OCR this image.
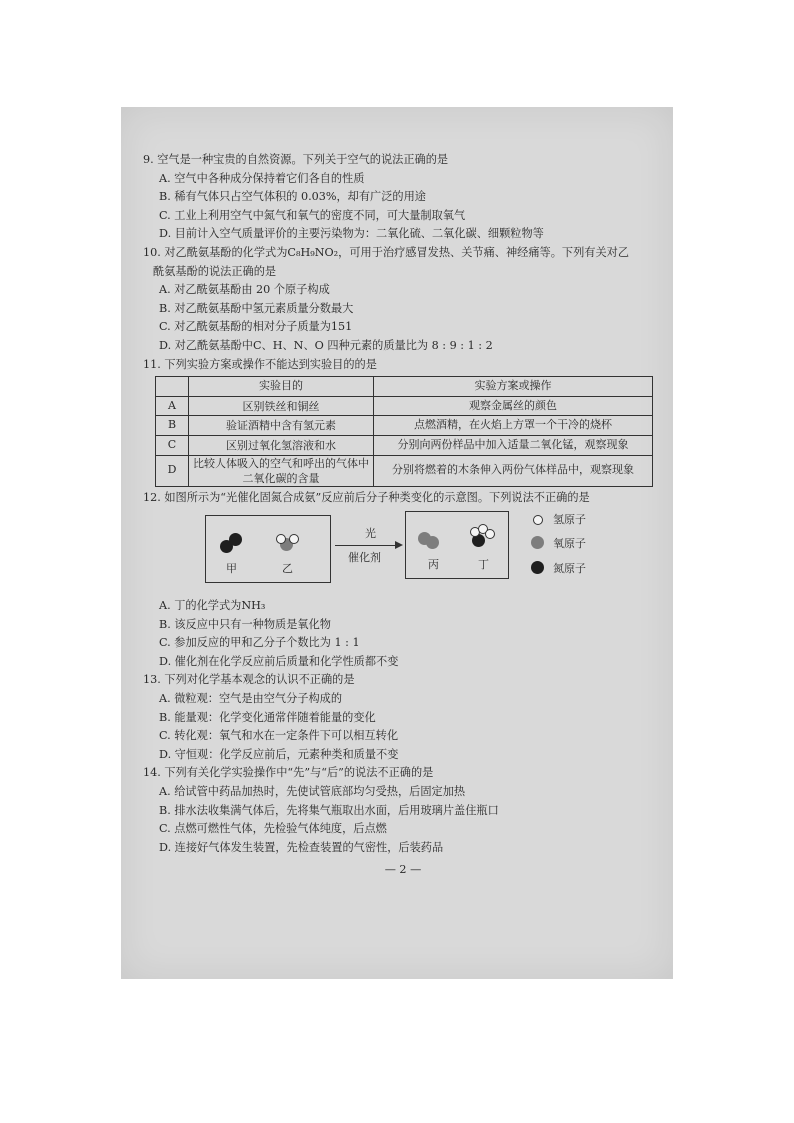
9. 空气是一种宝贵的自然资源。下列关于空气的说法正确的是

A. 空气中各种成分保持着它们各自的性质

B. 稀有气体只占空气体积的 0.03%，却有广泛的用途

C. 工业上利用空气中氮气和氧气的密度不同，可大量制取氧气

D. 目前计入空气质量评价的主要污染物为：二氧化硫、二氧化碳、细颗粒物等

10. 对乙酰氨基酚的化学式为C₈H₉NO₂，可用于治疗感冒发热、关节痛、神经痛等。下列有关对乙

酰氨基酚的说法正确的是

A. 对乙酰氨基酚由 20 个原子构成

B. 对乙酰氨基酚中氢元素质量分数最大

C. 对乙酰氨基酚的相对分子质量为151

D. 对乙酰氨基酚中C、H、N、O 四种元素的质量比为 8 : 9 : 1 : 2

11. 下列实验方案或操作不能达到实验目的的是

	实验目的	实验方案或操作
A	区别铁丝和铜丝	观察金属丝的颜色
B	验证酒精中含有氢元素	点燃酒精，在火焰上方罩一个干冷的烧杯
C	区别过氧化氢溶液和水	分别向两份样品中加入适量二氧化锰，观察现象
D	比较人体吸入的空气和呼出的气体中二氧化碳的含量	分别将燃着的木条伸入两份气体样品中，观察现象

12. 如图所示为“光催化固氮合成氨”反应前后分子种类变化的示意图。下列说法不正确的是

甲	乙
光
催化剂
丙	丁
氢原子
氧原子
氮原子

A. 丁的化学式为NH₃

B. 该反应中只有一种物质是氧化物

C. 参加反应的甲和乙分子个数比为 1 : 1

D. 催化剂在化学反应前后质量和化学性质都不变

13. 下列对化学基本观念的认识不正确的是

A. 微粒观：空气是由空气分子构成的

B. 能量观：化学变化通常伴随着能量的变化

C. 转化观：氧气和水在一定条件下可以相互转化

D. 守恒观：化学反应前后，元素种类和质量不变

14. 下列有关化学实验操作中“先”与“后”的说法不正确的是

A. 给试管中药品加热时，先使试管底部均匀受热，后固定加热

B. 排水法收集满气体后，先将集气瓶取出水面，后用玻璃片盖住瓶口

C. 点燃可燃性气体，先检验气体纯度，后点燃

D. 连接好气体发生装置，先检查装置的气密性，后装药品

— 2 —
